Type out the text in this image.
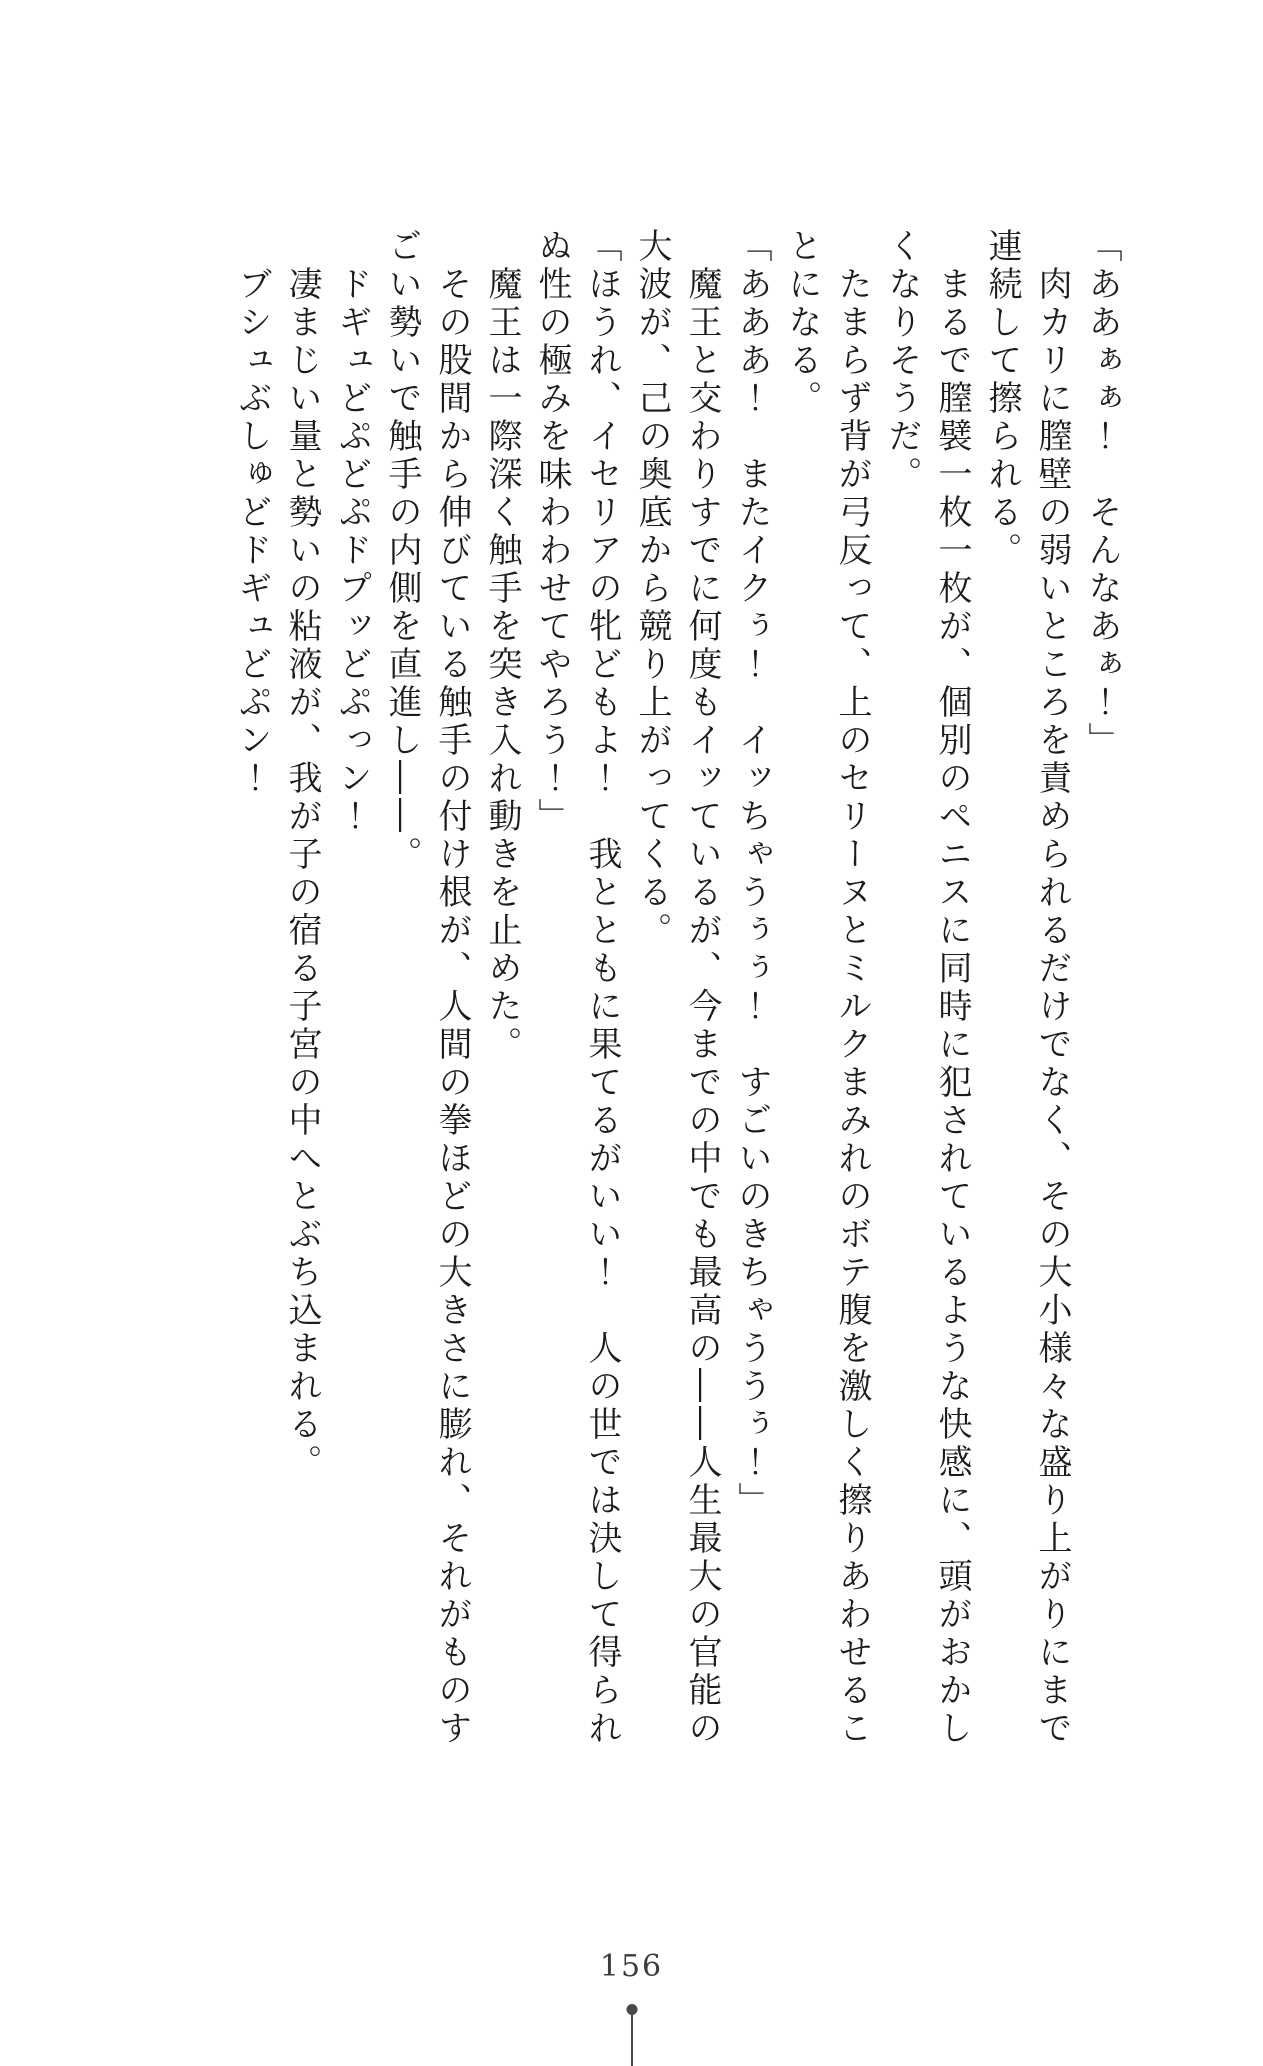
「ああぁぁ！　そんなあぁ！」

　肉カリに膣壁の弱いところを責められるだけでなく、その大小様々な盛り上がりにまで

連続して擦られる。

　まるで膣襞一枚一枚が、個別のペニスに同時に犯されているような快感に、頭がおかし

くなりそうだ。

　たまらず背が弓反って、上のセリーヌとミルクまみれのボテ腹を激しく擦りあわせるこ

とになる。

「あああ！　またイクぅ！　イッちゃうぅぅ！　すごいのきちゃううぅ！」

　魔王と交わりすでに何度もイッているが、今までの中でも最高の――人生最大の官能の

大波が、己の奥底から競り上がってくる。

「ほうれ、イセリアの牝どもよ！　我とともに果てるがいい！　人の世では決して得られ

ぬ性の極みを味わわせてやろう！」

　魔王は一際深く触手を突き入れ動きを止めた。

　その股間から伸びている触手の付け根が、人間の拳ほどの大きさに膨れ、それがものす

ごい勢いで触手の内側を直進し――。

　ドギュどぷどぷドプッどぷっン！

　凄まじい量と勢いの粘液が、我が子の宿る子宮の中へとぶち込まれる。

　ブシュぶしゅどドギュどぷン！

156
